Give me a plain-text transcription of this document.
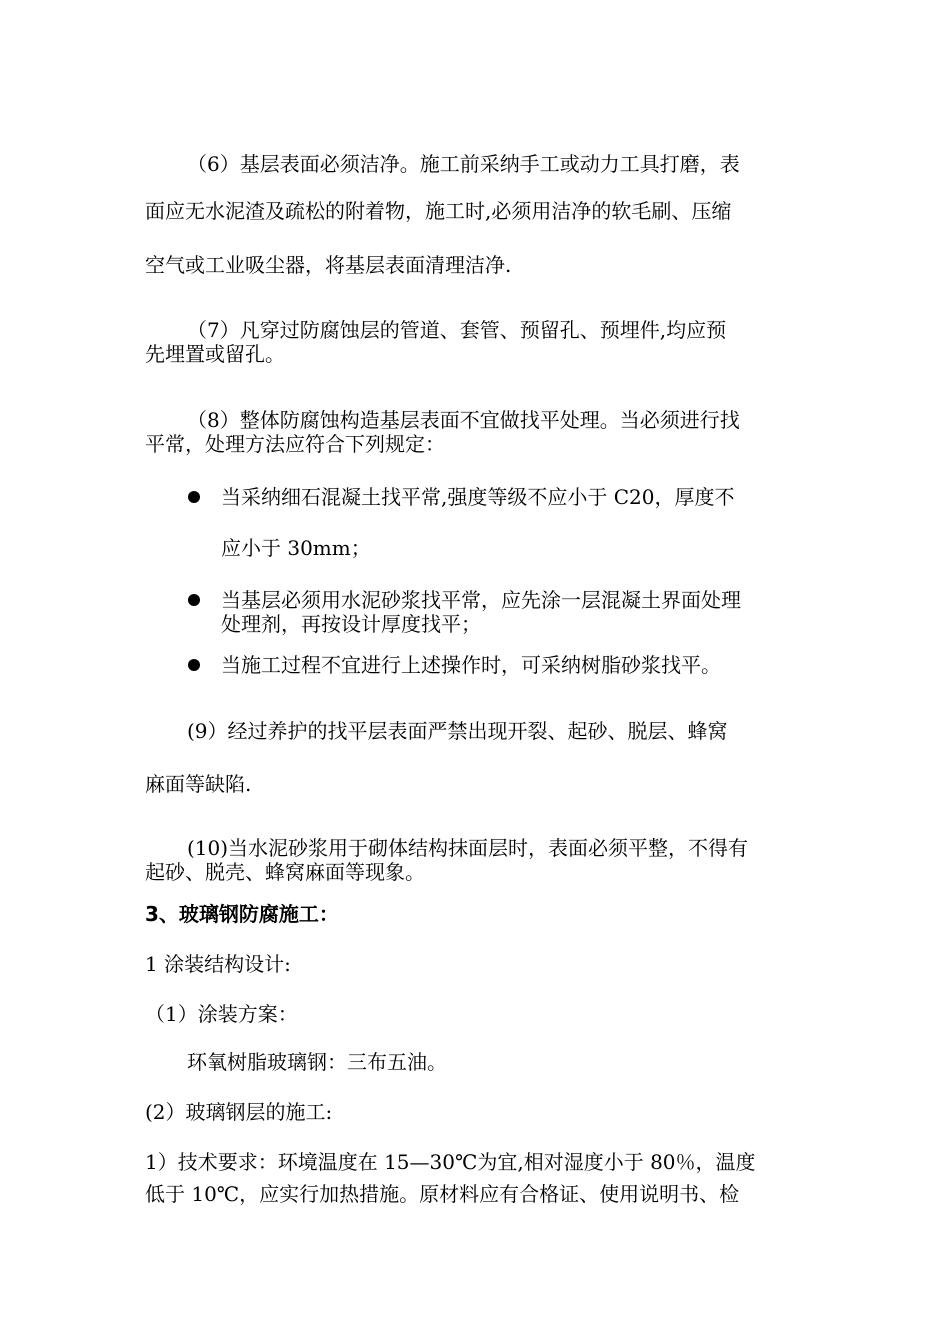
（6）基层表面必须洁净。施工前采纳手工或动力工具打磨，表
面应无水泥渣及疏松的附着物，施工时,必须用洁净的软毛刷、压缩
空气或工业吸尘器，将基层表面清理洁净.
（7）凡穿过防腐蚀层的管道、套管、预留孔、预埋件,均应预
先埋置或留孔。
（8）整体防腐蚀构造基层表面不宜做找平处理。当必须进行找
平常，处理方法应符合下列规定：
当采纳细石混凝土找平常,强度等级不应小于 C20，厚度不
应小于 30mm；
当基层必须用水泥砂浆找平常，应先涂一层混凝土界面处理
处理剂，再按设计厚度找平；
当施工过程不宜进行上述操作时，可采纳树脂砂浆找平。
(9）经过养护的找平层表面严禁出现开裂、起砂、脱层、蜂窝
麻面等缺陷.
(10)当水泥砂浆用于砌体结构抹面层时，表面必须平整，不得有
起砂、脱壳、蜂窝麻面等现象。
3、玻璃钢防腐施工：
1 涂装结构设计:
（1）涂装方案：
环氧树脂玻璃钢：三布五油。
(2）玻璃钢层的施工:
1）技术要求：环境温度在 15—30℃为宜,相对湿度小于 80％，温度
低于 10℃，应实行加热措施。原材料应有合格证、使用说明书、检
